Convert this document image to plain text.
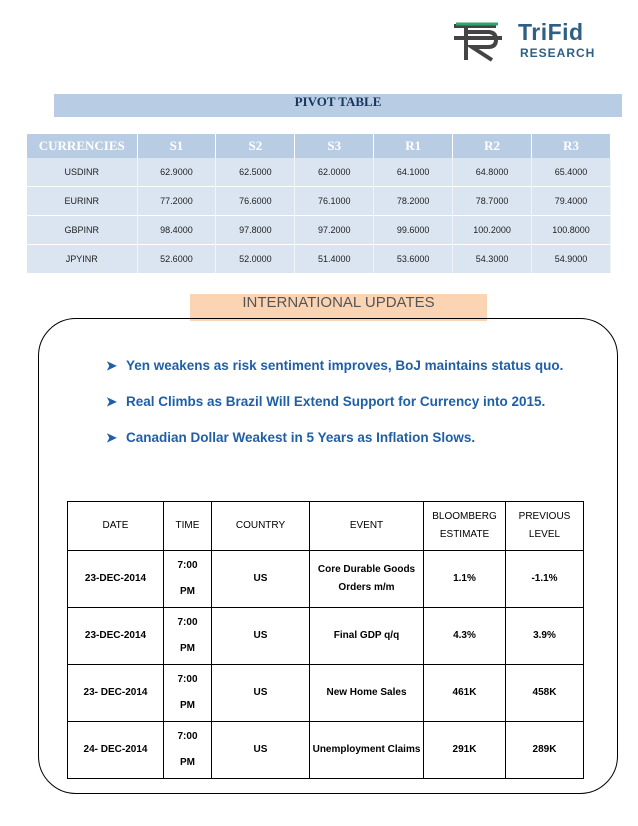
TriFid
RESEARCH
PIVOT TABLE
CURRENCIES	S1	S2	S3	R1	R2	R3
USDINR	62.9000	62.5000	62.0000	64.1000	64.8000	65.4000
EURINR	77.2000	76.6000	76.1000	78.2000	78.7000	79.4000
GBPINR	98.4000	97.8000	97.2000	99.6000	100.2000	100.8000
JPYINR	52.6000	52.0000	51.4000	53.6000	54.3000	54.9000
INTERNATIONAL UPDATES
➤ Yen weakens as risk sentiment improves, BoJ maintains status quo.
➤ Real Climbs as Brazil Will Extend Support for Currency into 2015.
➤ Canadian Dollar Weakest in 5 Years as Inflation Slows.
DATE	TIME	COUNTRY	EVENT	BLOOMBERG ESTIMATE	PREVIOUS LEVEL
23-DEC-2014	7:00
PM	US	Core Durable Goods Orders m/m	1.1%	-1.1%
23-DEC-2014	7:00
PM	US	Final GDP q/q	4.3%	3.9%
23- DEC-2014	7:00
PM	US	New Home Sales	461K	458K
24- DEC-2014	7:00
PM	US	Unemployment Claims	291K	289K
